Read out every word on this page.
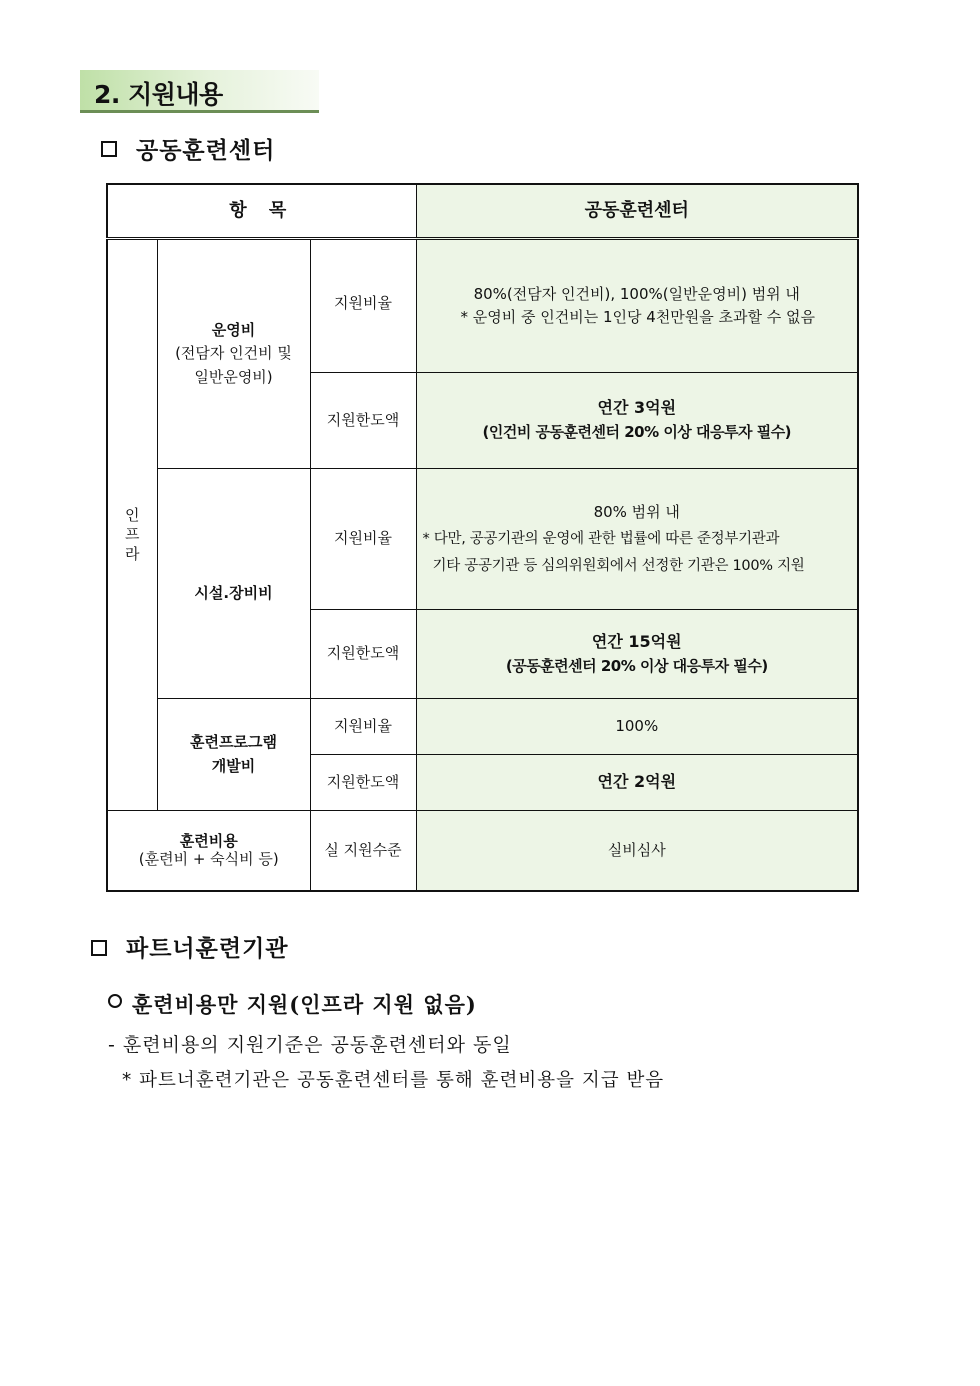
2. 지원내용
공동훈련센터
항 목			공동훈련센터

인
프
라	운영비
(전담자 인건비 및
일반운영비)	지원비율	80%(전담자 인건비), 100%(일반운영비) 범위 내
* 운영비 중 인건비는 1인당 4천만원을 초과할 수 없음

		지원한도액	연간 3억원
(인건비 공동훈련센터 20% 이상 대응투자 필수)

	시설.장비비	지원비율	80% 범위 내
* 다만, 공공기관의 운영에 관한 법률에 따른 준정부기관과
기타 공공기관 등 심의위원회에서 선정한 기관은 100% 지원

		지원한도액	연간 15억원
(공동훈련센터 20% 이상 대응투자 필수)

	훈련프로그램
개발비	지원비율	100%
		지원한도액	연간 2억원

훈련비용
(훈련비 + 숙식비 등)		실 지원수준	실비심사
파트너훈련기관
훈련비용만 지원(인프라 지원 없음)
- 훈련비용의 지원기준은 공동훈련센터와 동일
* 파트너훈련기관은 공동훈련센터를 통해 훈련비용을 지급 받음
